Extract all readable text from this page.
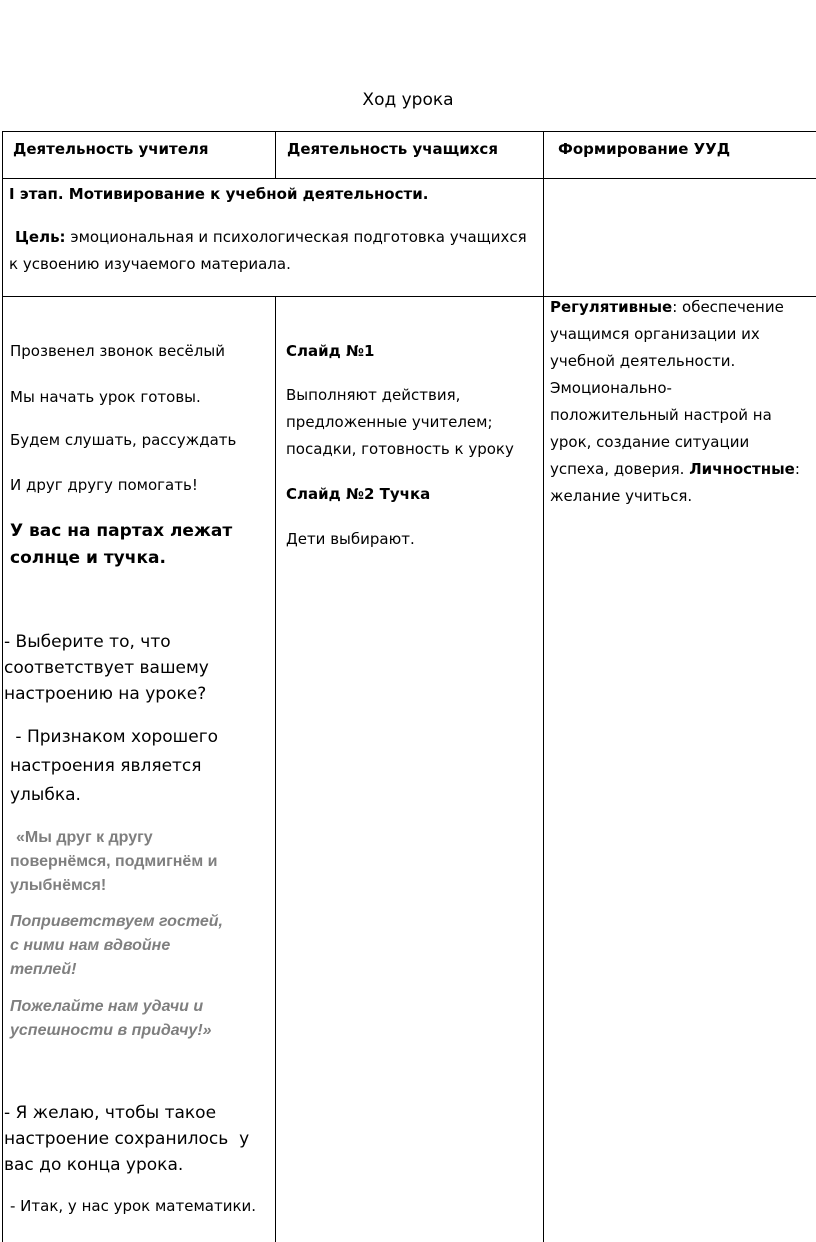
Ход урока
Деятельность учителя	Деятельность учащихся	Формирование УУД
I этап. Мотивирование к учебной деятельности.
Цель: эмоциональная и психологическая подготовка учащихся
к усвоению изучаемого материала.
Прозвенел звонок весёлый
Мы начать урок готовы.
Будем слушать, рассуждать
И друг другу помогать!
У вас на партах лежат
солнце и тучка.
- Выберите то, что
соответствует вашему
настроению на уроке?
- Признаком хорошего
настроения является
улыбка.
«Мы друг к другу
повернёмся, подмигнём и
улыбнёмся!
Поприветствуем гостей,
с ними нам вдвойне
теплей!
Пожелайте нам удачи и
успешности в придачу!»
- Я желаю, чтобы такое
настроение сохранилось  у
вас до конца урока.
- Итак, у нас урок математики.
Слайд №1
Выполняют действия,
предложенные учителем;
посадки, готовность к уроку
Слайд №2 Тучка
Дети выбирают.
Регулятивные: обеспечение
учащимся организации их
учебной деятельности.
Эмоционально-
положительный настрой на
урок, создание ситуации
успеха, доверия. Личностные:
желание учиться.
